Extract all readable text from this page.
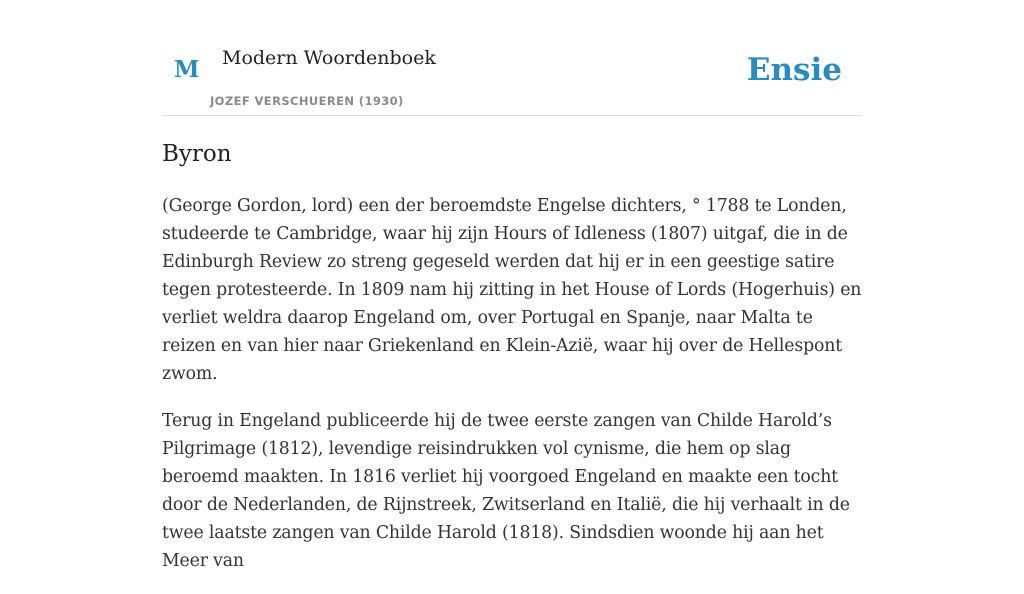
M Modern Woordenboek
JOZEF VERSCHUEREN (1930)
Ensie
Byron

(George Gordon, lord) een der beroemdste Engelse dichters, ° 1788 te Londen, studeerde te Cambridge, waar hij zijn Hours of Idleness (1807) uitgaf, die in de Edinburgh Review zo streng gegeseld werden dat hij er in een geestige satire tegen protesteerde. In 1809 nam hij zitting in het House of Lords (Hogerhuis) en verliet weldra daarop Engeland om, over Portugal en Spanje, naar Malta te reizen en van hier naar Griekenland en Klein-Azië, waar hij over de Hellespont zwom.

Terug in Engeland publiceerde hij de twee eerste zangen van Childe Harold’s Pilgrimage (1812), levendige reisindrukken vol cynisme, die hem op slag beroemd maakten. In 1816 verliet hij voorgoed Engeland en maakte een tocht door de Nederlanden, de Rijnstreek, Zwitserland en Italië, die hij verhaalt in de twee laatste zangen van Childe Harold (1818). Sindsdien woonde hij aan het Meer van
